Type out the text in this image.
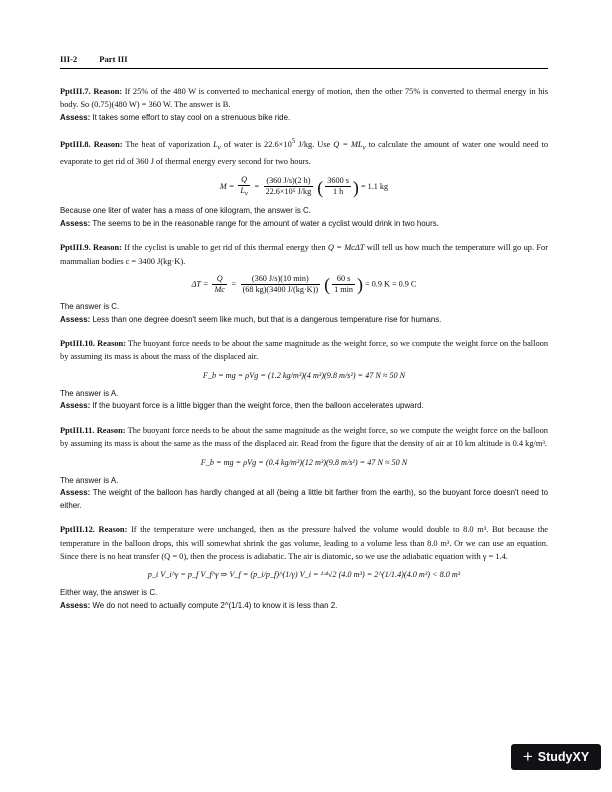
III-2	Part III

PptIII.7. Reason: If 25% of the 480 W is converted to mechanical energy of motion, then the other 75% is converted to thermal energy in his body. So (0.75)(480 W) = 360 W. The answer is B.

Assess: It takes some effort to stay cool on a strenuous bike ride.

PptIII.8. Reason: The heat of vaporization $L_v$ of water is $22.6\times 10^5$ J/kg. Use $Q = ML_v$ to calculate the amount of water one would need to evaporate to get rid of 360 J of thermal energy every second for two hours.

$M = \frac{Q}{L_v} = \frac{(360 J/s)(2 h)}{\text{22.6×10⁵ J/kg}}$ ( $\frac{3600 s}{1 h}$ ) = 1.1 kg

Because one liter of water has a mass of one kilogram, the answer is C.

Assess: The seems to be in the reasonable range for the amount of water a cyclist would drink in two hours.

PptIII.9. Reason: If the cyclist is unable to get rid of this thermal energy then Q = McΔT will tell us how much the temperature will go up. For mammalian bodies c = 3400 J(kg·K).

$\Delta T = \frac{Q}{Mc} = \frac{(360 J/s)(10 \min)}{(68 kg)(3400 J/(kg\cdot K))}$ ( $\frac{60 s}{1 \min}$ ) = 0.9 K = 0.9 C

The answer is C.

Assess: Less than one degree doesn't seem like much, but that is a dangerous temperature rise for humans.

PptIII.10. Reason: The buoyant force needs to be about the same magnitude as the weight force, so we compute the weight force on the balloon by assuming its mass is about the mass of the displaced air.

F_b = mg = ρVg = (1.2 kg/m³)(4 m³)(9.8 m/s²) = 47 N ≈ 50 N

The answer is A.

Assess: If the buoyant force is a little bigger than the weight force, then the balloon accelerates upward.

PptIII.11. Reason: The buoyant force needs to be about the same magnitude as the weight force, so we compute the weight force on the balloon by assuming its mass is about the same as the mass of the displaced air. Read from the figure that the density of air at 10 km altitude is 0.4 kg/m³.

F_b = mg = ρVg = (0.4 kg/m³)(12 m³)(9.8 m/s²) = 47 N ≈ 50 N

The answer is A.

Assess: The weight of the balloon has hardly changed at all (being a little bit farther from the earth), so the buoyant force doesn't need to either.

PptIII.12. Reason: If the temperature were unchanged, then as the pressure halved the volume would double to 8.0 m³. But because the temperature in the balloon drops, this will somewhat shrink the gas volume, leading to a volume less than 8.0 m³. Or we can use an equation. Since there is no heat transfer (Q = 0), then the process is adiabatic. The air is diatomic, so we use the adiabatic equation with γ = 1.4.

p_i V_i^γ = p_f V_f^γ ⇒ V_f = (p_i/p_f)^(1/γ) V_i = ¹·⁴√2 (4.0 m³) = 2^(1/1.4)(4.0 m³) < 8.0 m³

Either way, the answer is C.

Assess: We do not need to actually compute 2^(1/1.4) to know it is less than 2.

+ StudyXY
